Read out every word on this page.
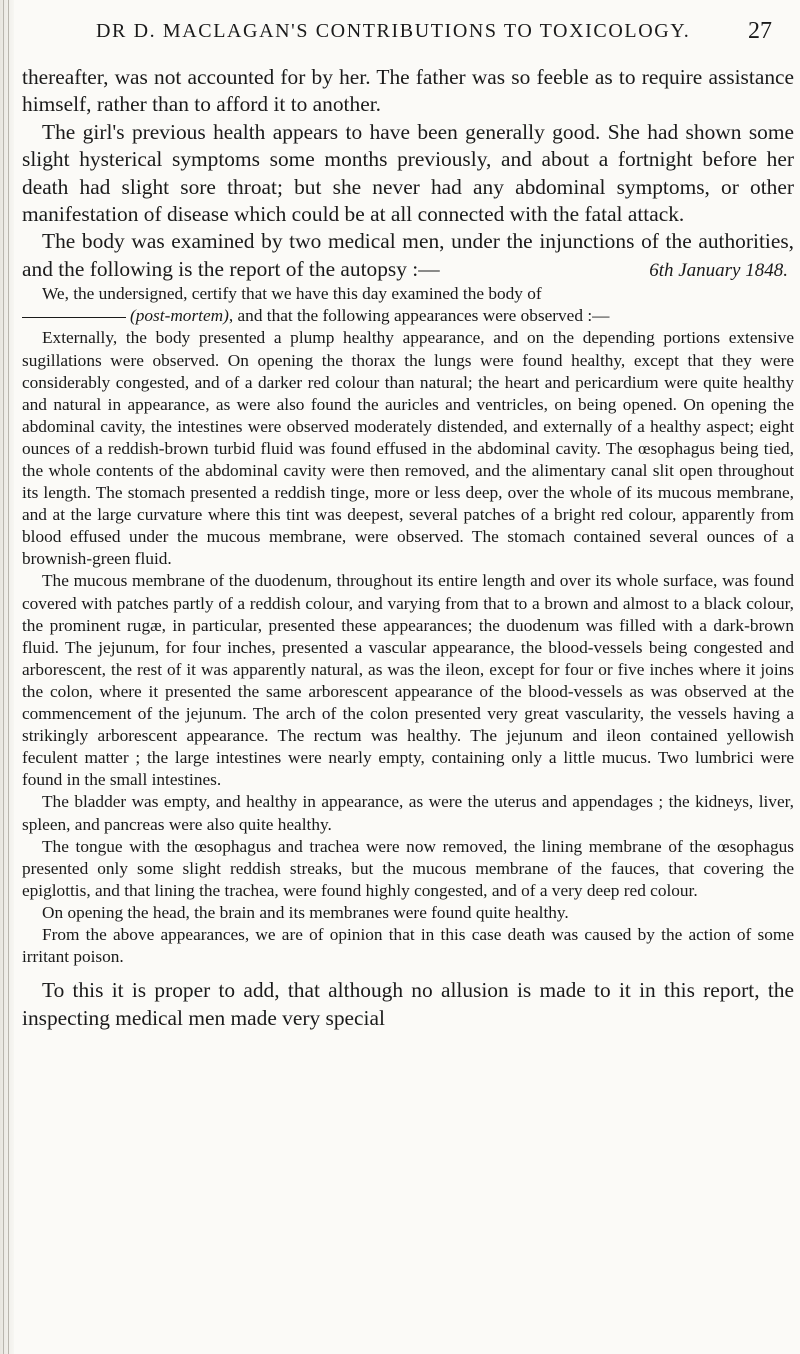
DR D. MACLAGAN'S CONTRIBUTIONS TO TOXICOLOGY. 27

thereafter, was not accounted for by her. The father was so feeble as to require assistance himself, rather than to afford it to another.

The girl's previous health appears to have been generally good. She had shown some slight hysterical symptoms some months previously, and about a fortnight before her death had slight sore throat; but she never had any abdominal symptoms, or other manifestation of disease which could be at all connected with the fatal attack.

The body was examined by two medical men, under the injunctions of the authorities, and the following is the report of the autopsy :—	6th January 1848.

We, the undersigned, certify that we have this day examined the body of
(post-mortem), and that the following appearances were observed :—

Externally, the body presented a plump healthy appearance, and on the depending portions extensive sugillations were observed. On opening the thorax the lungs were found healthy, except that they were considerably congested, and of a darker red colour than natural; the heart and pericardium were quite healthy and natural in appearance, as were also found the auricles and ventricles, on being opened. On opening the abdominal cavity, the intestines were observed moderately distended, and externally of a healthy aspect; eight ounces of a reddish-brown turbid fluid was found effused in the abdominal cavity. The œsophagus being tied, the whole contents of the abdominal cavity were then removed, and the alimentary canal slit open throughout its length. The stomach presented a reddish tinge, more or less deep, over the whole of its mucous membrane, and at the large curvature where this tint was deepest, several patches of a bright red colour, apparently from blood effused under the mucous membrane, were observed. The stomach contained several ounces of a brownish-green fluid.

The mucous membrane of the duodenum, throughout its entire length and over its whole surface, was found covered with patches partly of a reddish colour, and varying from that to a brown and almost to a black colour, the prominent rugæ, in particular, presented these appearances; the duodenum was filled with a dark-brown fluid. The jejunum, for four inches, presented a vascular appearance, the blood-vessels being congested and arborescent, the rest of it was apparently natural, as was the ileon, except for four or five inches where it joins the colon, where it presented the same arborescent appearance of the blood-vessels as was observed at the commencement of the jejunum. The arch of the colon presented very great vascularity, the vessels having a strikingly arborescent appearance. The rectum was healthy. The jejunum and ileon contained yellowish feculent matter ; the large intestines were nearly empty, containing only a little mucus. Two lumbrici were found in the small intestines.

The bladder was empty, and healthy in appearance, as were the uterus and appendages ; the kidneys, liver, spleen, and pancreas were also quite healthy.

The tongue with the œsophagus and trachea were now removed, the lining membrane of the œsophagus presented only some slight reddish streaks, but the mucous membrane of the fauces, that covering the epiglottis, and that lining the trachea, were found highly congested, and of a very deep red colour.

On opening the head, the brain and its membranes were found quite healthy.

From the above appearances, we are of opinion that in this case death was caused by the action of some irritant poison.

To this it is proper to add, that although no allusion is made to it in this report, the inspecting medical men made very special
